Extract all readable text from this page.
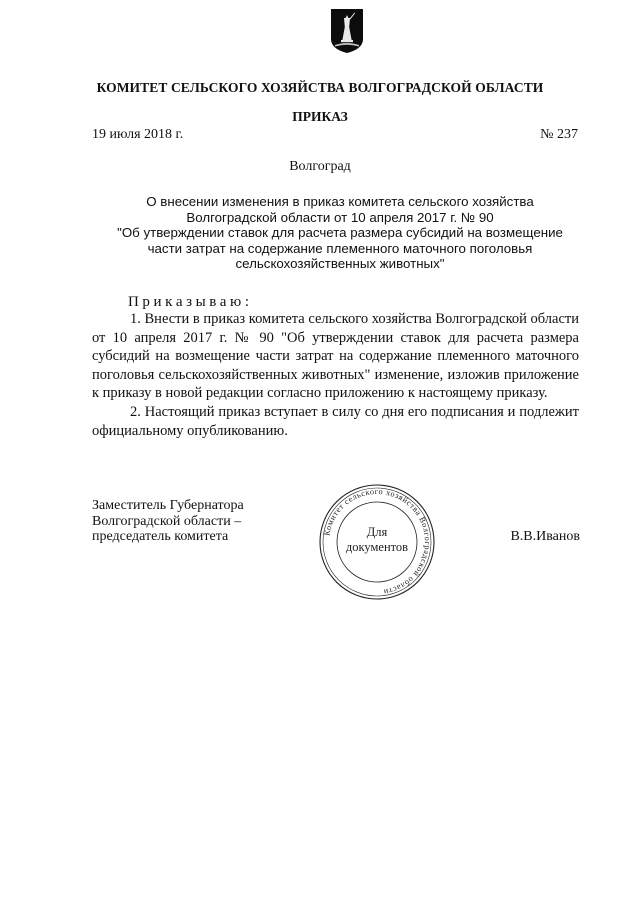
КОМИТЕТ СЕЛЬСКОГО ХОЗЯЙСТВА ВОЛГОГРАДСКОЙ ОБЛАСТИ
ПРИКАЗ
19 июля 2018 г.	№ 237
Волгоград
О внесении изменения в приказ комитета сельского хозяйства
Волгоградской области от 10 апреля 2017 г. № 90
"Об утверждении ставок для расчета размера субсидий на возмещение
части затрат на содержание племенного маточного поголовья
сельскохозяйственных животных"
Приказываю:

1. Внести в приказ комитета сельского хозяйства Волгоградской области от 10 апреля 2017 г. № 90 "Об утверждении ставок для расчета размера субсидий на возмещение части затрат на содержание племенного маточного поголовья сельскохозяйственных животных" изменение, изложив приложение к приказу в новой редакции согласно приложению к настоящему приказу.

2. Настоящий приказ вступает в силу со дня его подписания и подлежит официальному опубликованию.

Заместитель Губернатора
Волгоградской области –
председатель комитета	Комитет сельского хозяйства Волгоградской области
Для
документов
В.В.Иванов
